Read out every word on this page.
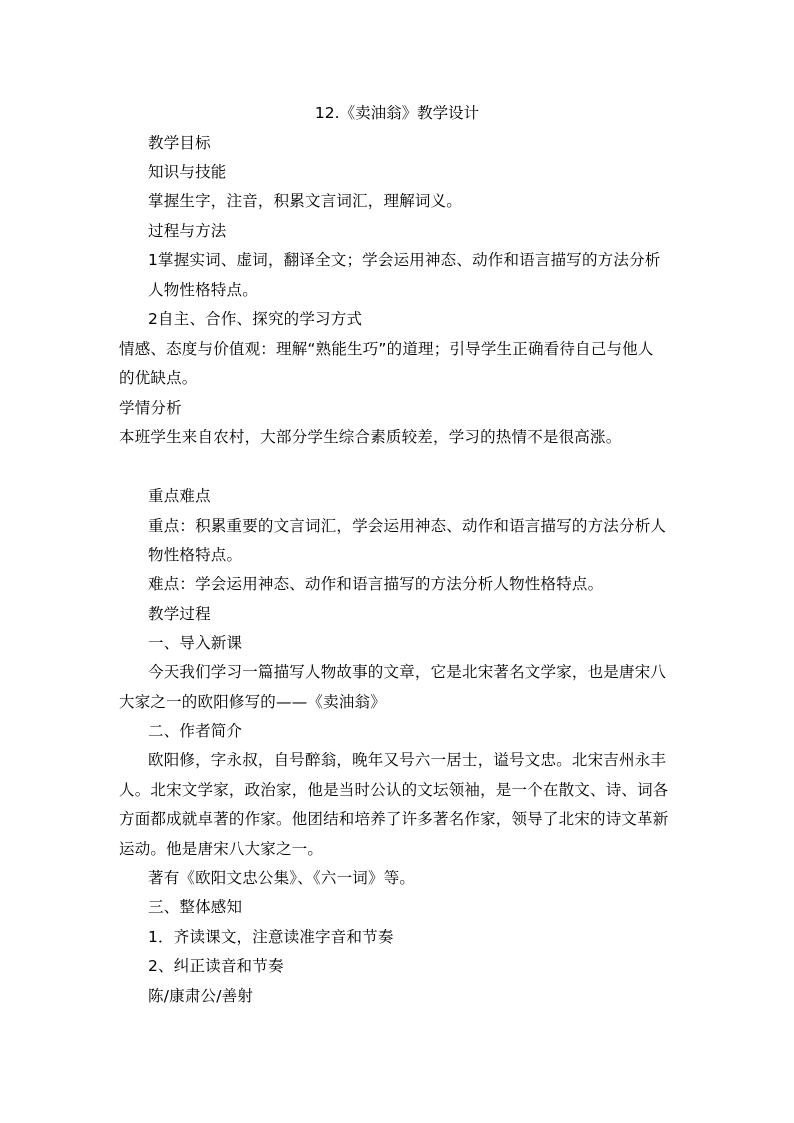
12.《卖油翁》教学设计
教学目标
知识与技能
掌握生字，注音，积累文言词汇，理解词义。
过程与方法
1掌握实词、虚词，翻译全文；学会运用神态、动作和语言描写的方法分析
人物性格特点。
2自主、合作、探究的学习方式
情感、态度与价值观：理解“熟能生巧”的道理；引导学生正确看待自己与他人
的优缺点。
学情分析
本班学生来自农村，大部分学生综合素质较差，学习的热情不是很高涨。
重点难点
重点：积累重要的文言词汇，学会运用神态、动作和语言描写的方法分析人
物性格特点。
难点：学会运用神态、动作和语言描写的方法分析人物性格特点。
教学过程
一、导入新课
今天我们学习一篇描写人物故事的文章，它是北宋著名文学家，也是唐宋八
大家之一的欧阳修写的——《卖油翁》
二、作者简介
欧阳修，字永叔，自号醉翁，晚年又号六一居士，谥号文忠。北宋吉州永丰
人。北宋文学家，政治家，他是当时公认的文坛领袖，是一个在散文、诗、词各
方面都成就卓著的作家。他团结和培养了许多著名作家，领导了北宋的诗文革新
运动。他是唐宋八大家之一。
著有《欧阳文忠公集》、《六一词》等。
三、整体感知
1．齐读课文，注意读准字音和节奏
2、纠正读音和节奏
陈/康肃公/善射
